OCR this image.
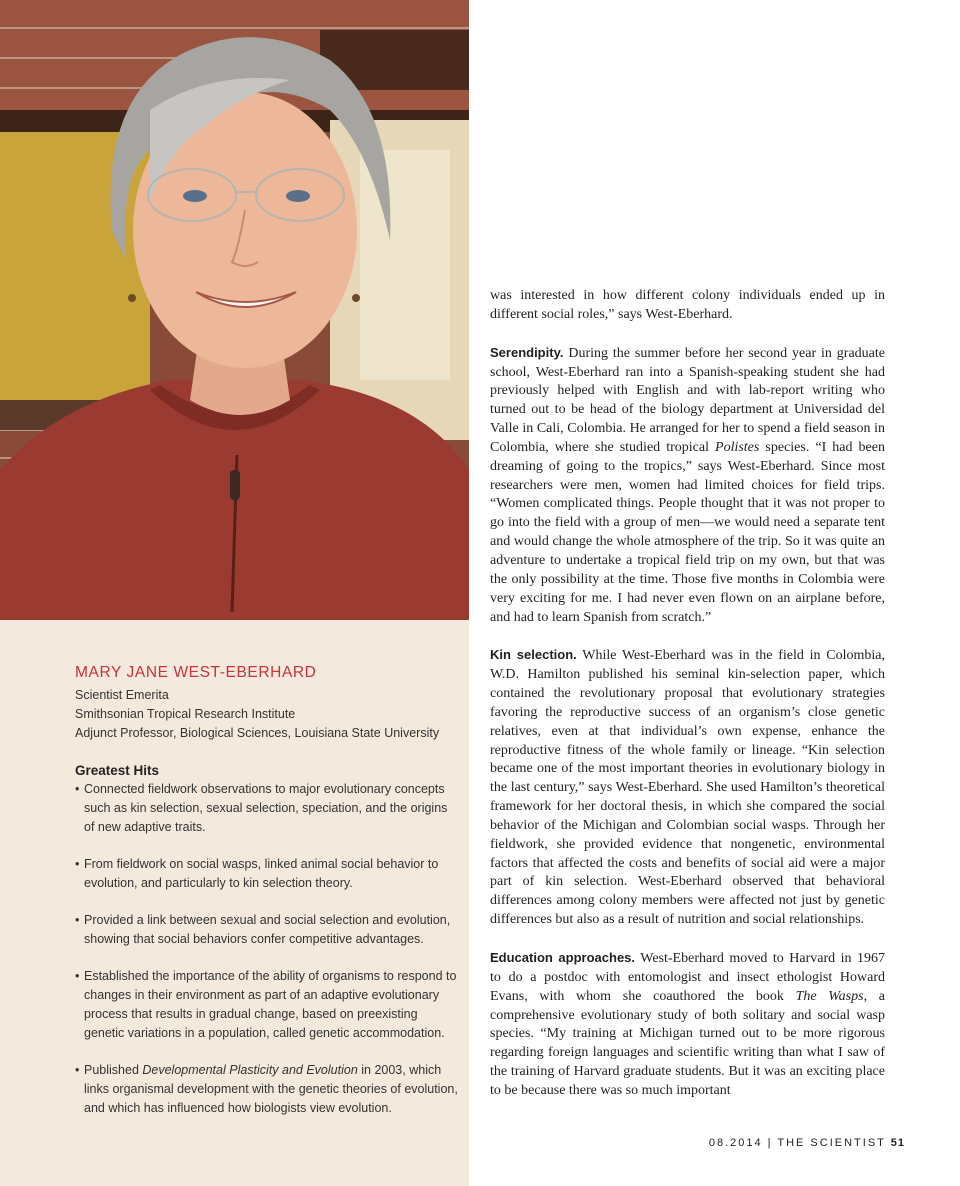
MARY JANE WEST-EBERHARD
Scientist Emerita
Smithsonian Tropical Research Institute
Adjunct Professor, Biological Sciences, Louisiana State University
Greatest Hits
• Connected fieldwork observations to major evolutionary concepts such as kin selection, sexual selection, speciation, and the origins of new adaptive traits.
• From fieldwork on social wasps, linked animal social behavior to evolution, and particularly to kin selection theory.
• Provided a link between sexual and social selection and evolution, showing that social behaviors confer competitive advantages.
• Established the importance of the ability of organisms to respond to changes in their environment as part of an adaptive evolutionary process that results in gradual change, based on preexisting genetic variations in a population, called genetic accommodation.
• Published Developmental Plasticity and Evolution in 2003, which links organismal development with the genetic theories of evolution, and which has influenced how biologists view evolution.

was interested in how different colony individuals ended up in different social roles,” says West-Eberhard.

Serendipity. During the summer before her second year in graduate school, West-Eberhard ran into a Spanish-speaking student she had previously helped with English and with lab-report writing who turned out to be head of the biology department at Universidad del Valle in Cali, Colombia. He arranged for her to spend a field season in Colombia, where she studied tropical Polistes species. “I had been dreaming of going to the tropics,” says West-Eberhard. Since most researchers were men, women had limited choices for field trips. “Women complicated things. People thought that it was not proper to go into the field with a group of men—we would need a separate tent and would change the whole atmosphere of the trip. So it was quite an adventure to undertake a tropical field trip on my own, but that was the only possibility at the time. Those five months in Colombia were very exciting for me. I had never even flown on an airplane before, and had to learn Spanish from scratch.”

Kin selection. While West-Eberhard was in the field in Colombia, W.D. Hamilton published his seminal kin-selection paper, which contained the revolutionary proposal that evolutionary strategies favoring the reproductive success of an organism’s close genetic relatives, even at that individual’s own expense, enhance the reproductive fitness of the whole family or lineage. “Kin selection became one of the most important theories in evolutionary biology in the last century,” says West-Eberhard. She used Hamilton’s theoretical framework for her doctoral thesis, in which she compared the social behavior of the Michigan and Colombian social wasps. Through her fieldwork, she provided evidence that nongenetic, environmental factors that affected the costs and benefits of social aid were a major part of kin selection. West-Eberhard observed that behavioral differences among colony members were affected not just by genetic differences but also as a result of nutrition and social relationships.

Education approaches. West-Eberhard moved to Harvard in 1967 to do a postdoc with entomologist and insect ethologist Howard Evans, with whom she coauthored the book The Wasps, a comprehensive evolutionary study of both solitary and social wasp species. “My training at Michigan turned out to be more rigorous regarding foreign languages and scientific writing than what I saw of the training of Harvard graduate students. But it was an exciting place to be because there was so much important

08.2014 | THE SCIENTIST 51
